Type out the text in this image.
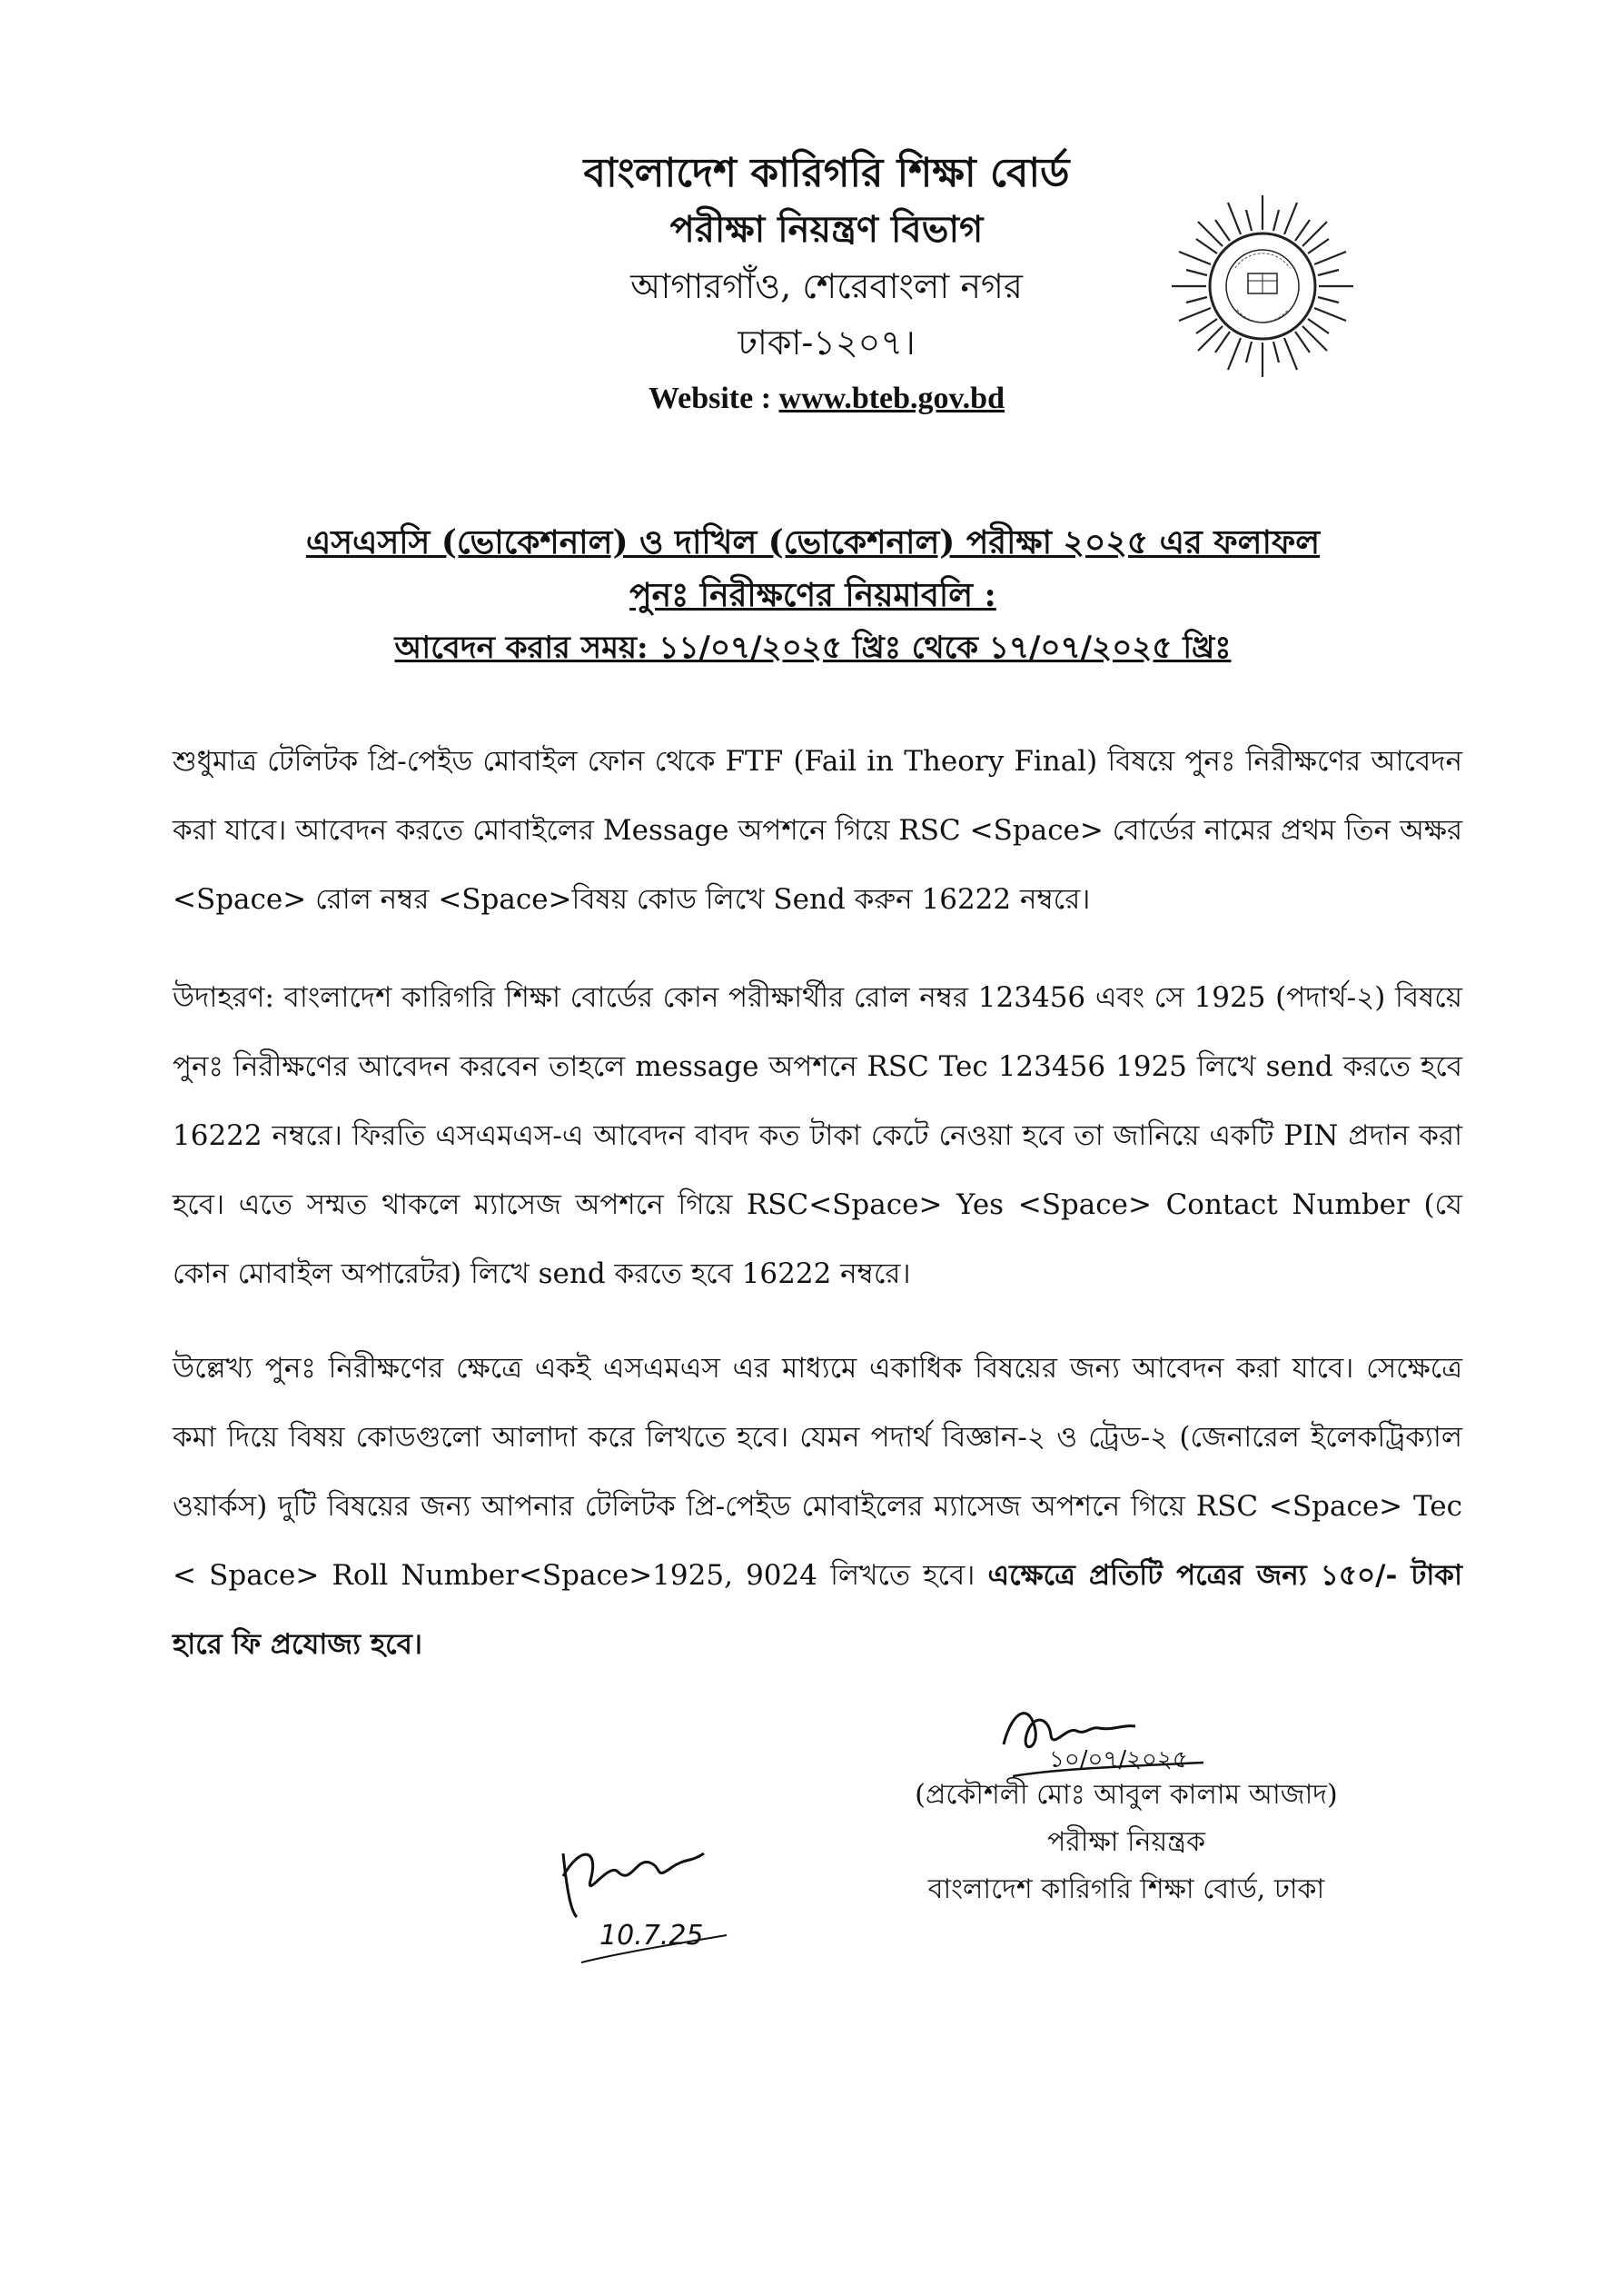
বাংলাদেশ কারিগরি শিক্ষা বোর্ড
পরীক্ষা নিয়ন্ত্রণ বিভাগ
আগারগাঁও, শেরেবাংলা নগর
ঢাকা-১২০৭।
Website : www.bteb.gov.bd
এসএসসি (ভোকেশনাল) ও দাখিল (ভোকেশনাল) পরীক্ষা ২০২৫ এর ফলাফল
পুনঃ নিরীক্ষণের নিয়মাবলি :
আবেদন করার সময়: ১১/০৭/২০২৫ খ্রিঃ থেকে ১৭/০৭/২০২৫ খ্রিঃ
শুধুমাত্র টেলিটক প্রি-পেইড মোবাইল ফোন থেকে FTF (Fail in Theory Final) বিষয়ে পুনঃ নিরীক্ষণের আবেদন করা যাবে। আবেদন করতে মোবাইলের Message অপশনে গিয়ে RSC <Space> বোর্ডের নামের প্রথম তিন অক্ষর <Space> রোল নম্বর <Space>বিষয় কোড লিখে Send করুন 16222 নম্বরে।
উদাহরণ: বাংলাদেশ কারিগরি শিক্ষা বোর্ডের কোন পরীক্ষার্থীর রোল নম্বর 123456 এবং সে 1925 (পদার্থ-২) বিষয়ে পুনঃ নিরীক্ষণের আবেদন করবেন তাহলে message অপশনে RSC Tec 123456 1925 লিখে send করতে হবে 16222 নম্বরে। ফিরতি এসএমএস-এ আবেদন বাবদ কত টাকা কেটে নেওয়া হবে তা জানিয়ে একটি PIN প্রদান করা হবে। এতে সম্মত থাকলে ম্যাসেজ অপশনে গিয়ে RSC<Space> Yes <Space> Contact Number (যে কোন মোবাইল অপারেটর) লিখে send করতে হবে 16222 নম্বরে।
উল্লেখ্য পুনঃ নিরীক্ষণের ক্ষেত্রে একই এসএমএস এর মাধ্যমে একাধিক বিষয়ের জন্য আবেদন করা যাবে। সেক্ষেত্রে কমা দিয়ে বিষয় কোডগুলো আলাদা করে লিখতে হবে। যেমন পদার্থ বিজ্ঞান-২ ও ট্রেড-২ (জেনারেল ইলেকট্রিক্যাল ওয়ার্কস) দুটি বিষয়ের জন্য আপনার টেলিটক প্রি-পেইড মোবাইলের ম্যাসেজ অপশনে গিয়ে RSC <Space> Tec < Space> Roll Number<Space>1925, 9024 লিখতে হবে। এক্ষেত্রে প্রতিটি পত্রের জন্য ১৫০/- টাকা হারে ফি প্রযোজ্য হবে।
১০/০৭/২০২৫
(প্রকৌশলী মোঃ আবুল কালাম আজাদ)
পরীক্ষা নিয়ন্ত্রক
বাংলাদেশ কারিগরি শিক্ষা বোর্ড, ঢাকা
10.7.25
